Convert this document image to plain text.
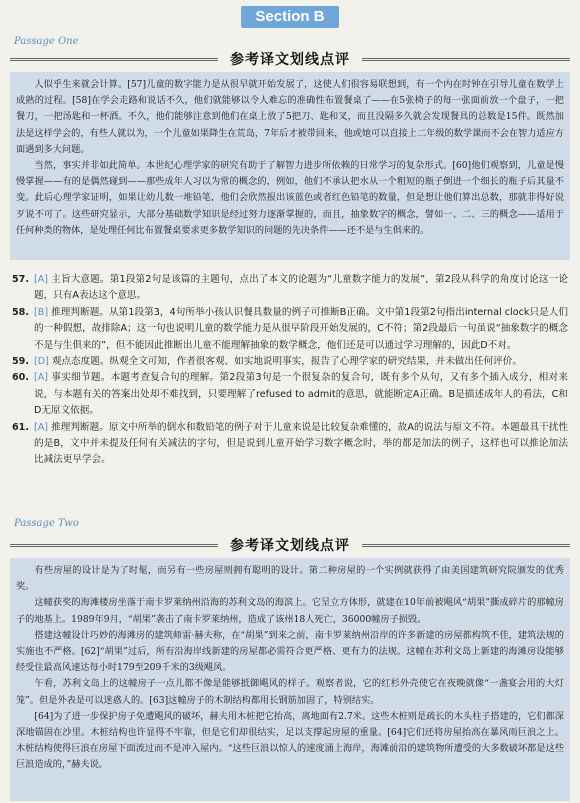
Section B
Passage One
参考译文划线点评

人似乎生来就会计算。[57]儿童的数字能力是从很早就开始发展了，这使人们很容易联想到，有一个内在时钟在引导儿童在数学上成熟的过程。[58]在学会走路和说话不久，他们就能够以令人难忘的准确性布置餐桌了——在5张椅子的每一张面前放一个盘子，一把餐刀，一把汤匙和一杯酒。不久，他们能够注意到他们在桌上放了5把刀、匙和叉，而且没隔多久就会发现餐具的总数是15件。既然加法是这样学会的，有些人就以为，一个儿童如果降生在荒岛，7年后才被带回来，他或她可以直接上二年级的数学课而不会在智力适应方面遇到多大问题。

当然，事实并非如此简单。本世纪心理学家的研究有助于了解智力进步所依赖的日常学习的复杂形式。[60]他们观察到，儿童是慢慢掌握——有的是偶然碰到——那些成年人习以为常的概念的，例如，他们不承认把水从一个粗短的瓶子倒进一个细长的瓶子后其量不变。此后心理学家证明，如果让幼儿数一堆铅笔，他们会欣然报出该蓝色或者红色铅笔的数量，但是想让他们算出总数，那就非得好说歹说不可了。这些研究显示，大部分基础数学知识是经过努力逐渐掌握的，而且，抽象数字的概念，譬如一、二、三的概念——适用于任何种类的物体，是处理任何比布置餐桌要求更多数学知识的问题的先决条件——还不是与生俱来的。

57. [A] 主旨大意题。第1段第2句是该篇的主题句，点出了本文的论题为“儿童数字能力的发展”，第2段从科学的角度讨论这一论题，只有A表达这个意思。
58. [B] 推理判断题。从第1段第3，4句所举小孩认识餐具数量的例子可推断B正确。文中第1段第2句指出internal clock只是人们的一种假想，故排除A；这一句也说明儿童的数学能力是从很早阶段开始发展的，C不符；第2段最后一句虽说“抽象数字的概念不是与生俱来的”，但不能因此推断出儿童不能理解抽象的数学概念，他们还是可以通过学习理解的，因此D不对。
59. [D] 观点态度题。纵观全文可知，作者很客观、如实地说明事实，报告了心理学家的研究结果，并未做出任何评价。
60. [A] 事实细节题。本题考查复合句的理解。第2段第3句是一个很复杂的复合句，既有多个从句，又有多个插入成分，相对来说，与本题有关的答案出处却不难找到，只要理解了refused to admit的意思，就能断定A正确。B是描述成年人的看法，C和D无原文依据。
61. [A] 推理判断题。原文中所举的倒水和数铅笔的例子对于儿童来说是比较复杂难懂的，故A的说法与原文不符。本题最具干扰性的是B，文中并未提及任何有关减法的字句，但是说到儿童开始学习数字概念时，举的都是加法的例子，这样也可以推论加法比减法更早学会。
Passage Two
参考译文划线点评

有些房屋的设计是为了时髦，而另有一些房屋则拥有聪明的设计。第二种房屋的一个实例就获得了由美国建筑研究院颁发的优秀奖。

这幢获奖的海滩楼房坐落于南卡罗莱纳州沿海的苏利文岛的海滨上。它呈立方体形，就建在10年前被飓风“胡果”撕成碎片的那幢房子的地基上。1989年9月，“胡果”袭击了南卡罗莱纳州，造成了该州18人死亡，36000幢房子损毁。

搭建这幢设计巧妙的海滩房的建筑师雷·赫夫称，在“胡果”到来之前，南卡罗莱纳州沿岸的许多新建的房屋都构筑不佳，建筑法规的实施也不严格。[62]“胡果”过后，所有沿海岸线新建的房屋都必需符合更严格、更有力的法规。这幢在苏利文岛上新建的海滩房设能够经受住最高风速达每小时179至209千米的3级飓风。

午看，苏利文岛上的这幢房子一点儿都不像是能够抵御飓风的样子。观察者说，它的红杉外壳使它在夜晚就像“一盏宴会用的大灯笼”。但是外表是可以迷惑人的。[63]这幢房子的木制结构都用长钢筋加固了，特别结实。

[64]为了进一步保护房子免遭飓风的破坏，赫夫用木桩把它抬高，离地面有2.7米。这些木桩则是疏长的木头柱子搭建的，它们都深深地锚固在沙里。木桩结构也许显得不牢靠，但是它们却很结实，足以支撑起房屋的重量。[64]它们还将房屋抬高在暴风雨巨浪之上。木桩结构使得巨浪在房屋下面流过而不是冲入屋内。“这些巨浪以惊人的速度涌上海岸，海滩前沿的建筑物所遭受的大多数破坏都是这些巨浪造成的，”赫夫说。
